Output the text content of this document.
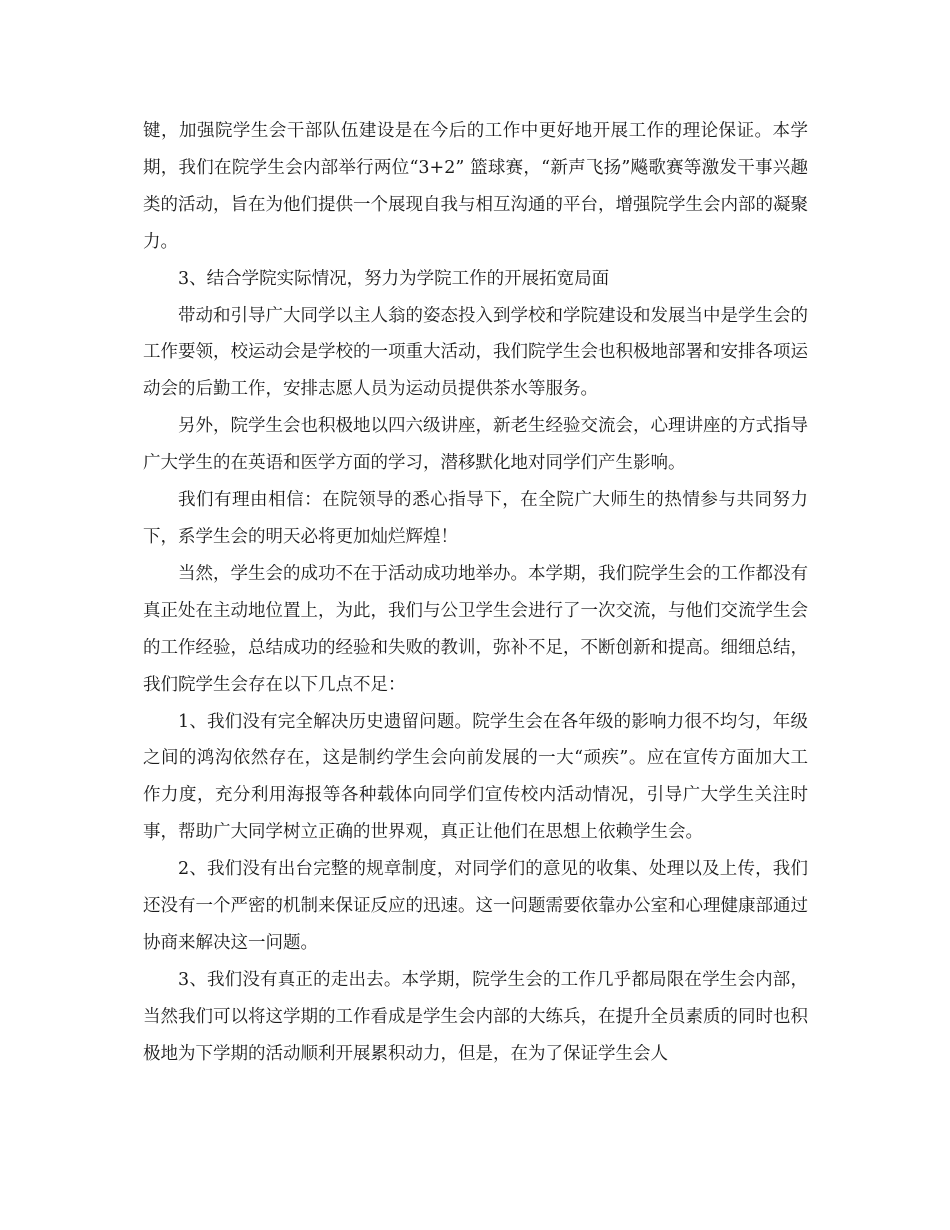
键，加强院学生会干部队伍建设是在今后的工作中更好地开展工作的理论保证。本学期，我们在院学生会内部举行两位“3+2” 篮球赛，“新声飞扬”飚歌赛等激发干事兴趣类的活动，旨在为他们提供一个展现自我与相互沟通的平台，增强院学生会内部的凝聚力。

3、结合学院实际情况，努力为学院工作的开展拓宽局面

带动和引导广大同学以主人翁的姿态投入到学校和学院建设和发展当中是学生会的工作要领，校运动会是学校的一项重大活动，我们院学生会也积极地部署和安排各项运动会的后勤工作，安排志愿人员为运动员提供茶水等服务。

另外，院学生会也积极地以四六级讲座，新老生经验交流会，心理讲座的方式指导广大学生的在英语和医学方面的学习，潜移默化地对同学们产生影响。

我们有理由相信：在院领导的悉心指导下，在全院广大师生的热情参与共同努力下，系学生会的明天必将更加灿烂辉煌！

当然，学生会的成功不在于活动成功地举办。本学期，我们院学生会的工作都没有真正处在主动地位置上，为此，我们与公卫学生会进行了一次交流，与他们交流学生会的工作经验，总结成功的经验和失败的教训，弥补不足，不断创新和提高。细细总结，我们院学生会存在以下几点不足：

1、我们没有完全解决历史遗留问题。院学生会在各年级的影响力很不均匀，年级之间的鸿沟依然存在，这是制约学生会向前发展的一大“顽疾”。应在宣传方面加大工作力度，充分利用海报等各种载体向同学们宣传校内活动情况，引导广大学生关注时事，帮助广大同学树立正确的世界观，真正让他们在思想上依赖学生会。

2、我们没有出台完整的规章制度，对同学们的意见的收集、处理以及上传，我们还没有一个严密的机制来保证反应的迅速。这一问题需要依靠办公室和心理健康部通过协商来解决这一问题。

3、我们没有真正的走出去。本学期，院学生会的工作几乎都局限在学生会内部，当然我们可以将这学期的工作看成是学生会内部的大练兵，在提升全员素质的同时也积极地为下学期的活动顺利开展累积动力，但是，在为了保证学生会人
